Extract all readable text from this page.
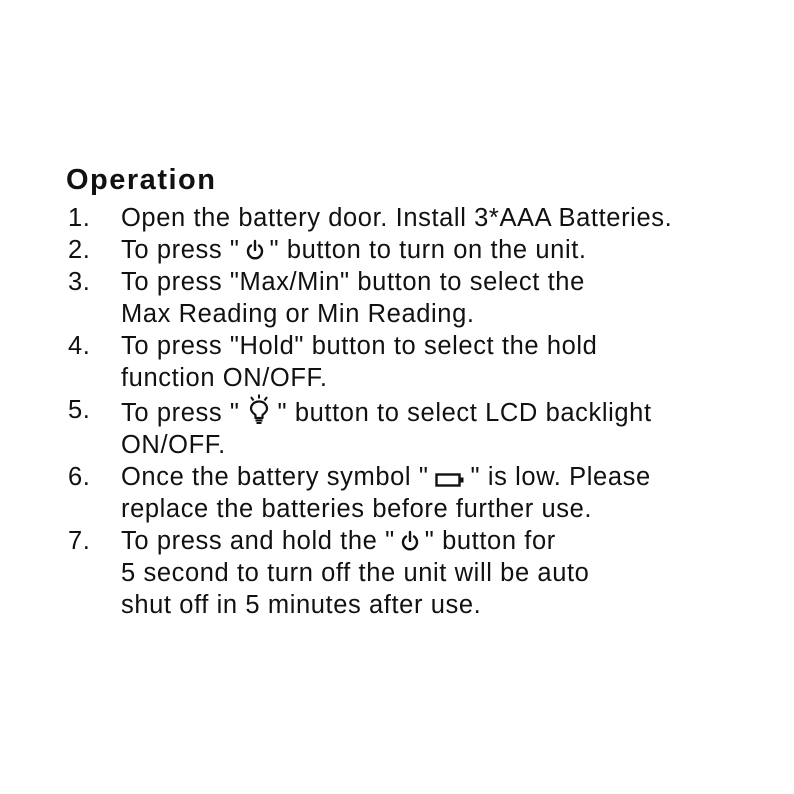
Operation
1.	Open the battery door. Install 3*AAA Batteries.
2.	To press " " button to turn on the unit.
3.	To press "Max/Min" button to select the
Max Reading or Min Reading.
4.	To press "Hold" button to select the hold
function ON/OFF.
5.	To press " " button to select LCD backlight
ON/OFF.
6.	Once the battery symbol " " is low. Please
replace the batteries before further use.
7.	To press and hold the " " button for
5 second to turn off the unit will be auto
shut off in 5 minutes after use.
